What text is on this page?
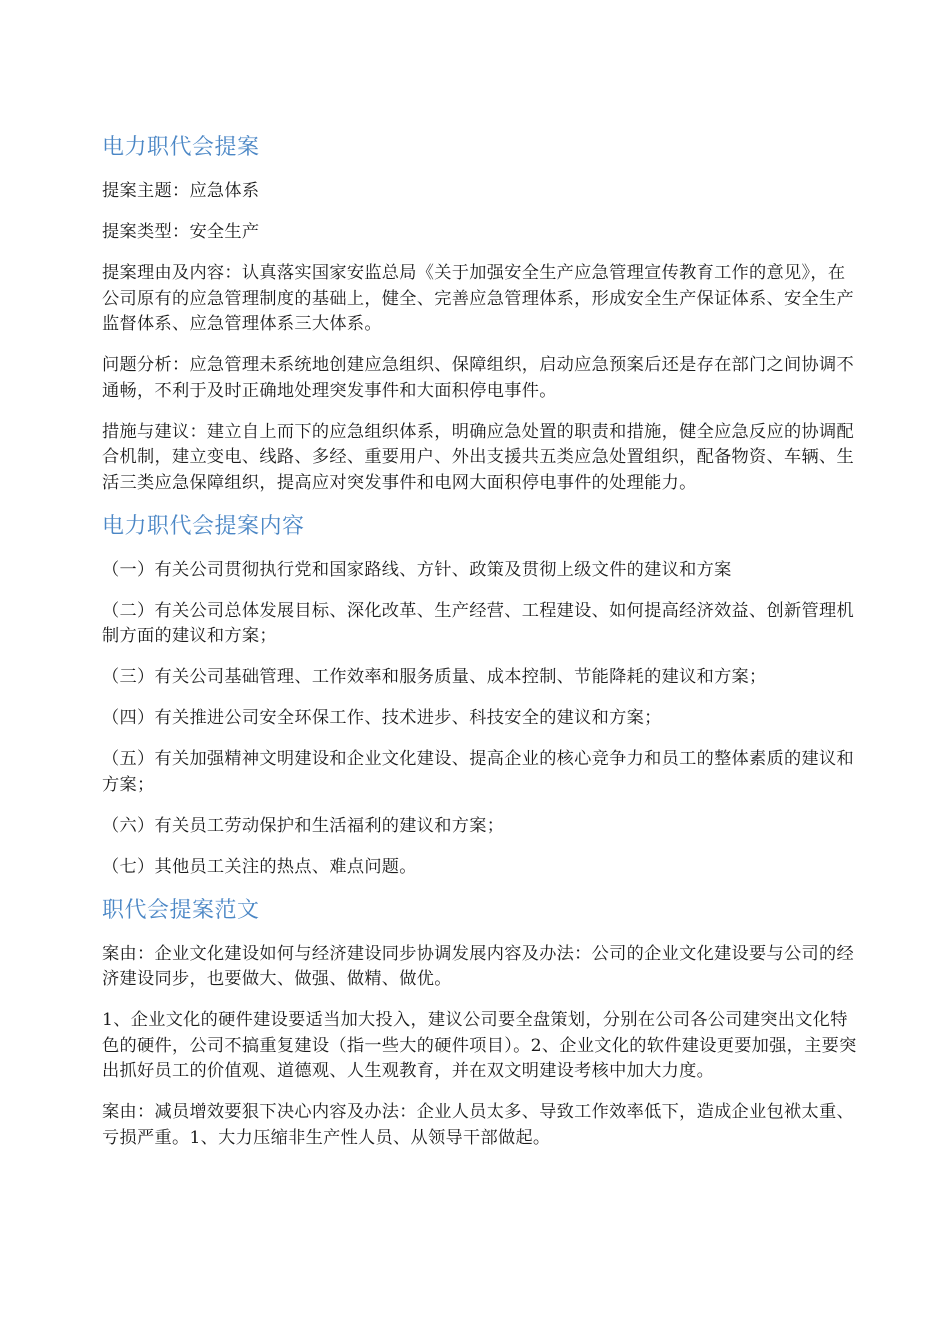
电力职代会提案

提案主题：应急体系

提案类型：安全生产

提案理由及内容：认真落实国家安监总局《关于加强安全生产应急管理宣传教育工作的意见》，在公司原有的应急管理制度的基础上，健全、完善应急管理体系，形成安全生产保证体系、安全生产监督体系、应急管理体系三大体系。

问题分析：应急管理未系统地创建应急组织、保障组织，启动应急预案后还是存在部门之间协调不通畅，不利于及时正确地处理突发事件和大面积停电事件。

措施与建议：建立自上而下的应急组织体系，明确应急处置的职责和措施，健全应急反应的协调配合机制，建立变电、线路、多经、重要用户、外出支援共五类应急处置组织，配备物资、车辆、生活三类应急保障组织，提高应对突发事件和电网大面积停电事件的处理能力。

电力职代会提案内容

（一）有关公司贯彻执行党和国家路线、方针、政策及贯彻上级文件的建议和方案

（二）有关公司总体发展目标、深化改革、生产经营、工程建设、如何提高经济效益、创新管理机制方面的建议和方案；

（三）有关公司基础管理、工作效率和服务质量、成本控制、节能降耗的建议和方案；

（四）有关推进公司安全环保工作、技术进步、科技安全的建议和方案；

（五）有关加强精神文明建设和企业文化建设、提高企业的核心竞争力和员工的整体素质的建议和方案；

（六）有关员工劳动保护和生活福利的建议和方案；

（七）其他员工关注的热点、难点问题。

职代会提案范文

案由：企业文化建设如何与经济建设同步协调发展内容及办法：公司的企业文化建设要与公司的经济建设同步，也要做大、做强、做精、做优。

1、企业文化的硬件建设要适当加大投入，建议公司要全盘策划，分别在公司各公司建突出文化特色的硬件，公司不搞重复建设（指一些大的硬件项目）。2、企业文化的软件建设更要加强，主要突出抓好员工的价值观、道德观、人生观教育，并在双文明建设考核中加大力度。

案由：减员增效要狠下决心内容及办法：企业人员太多、导致工作效率低下，造成企业包袱太重、亏损严重。1、大力压缩非生产性人员、从领导干部做起。
